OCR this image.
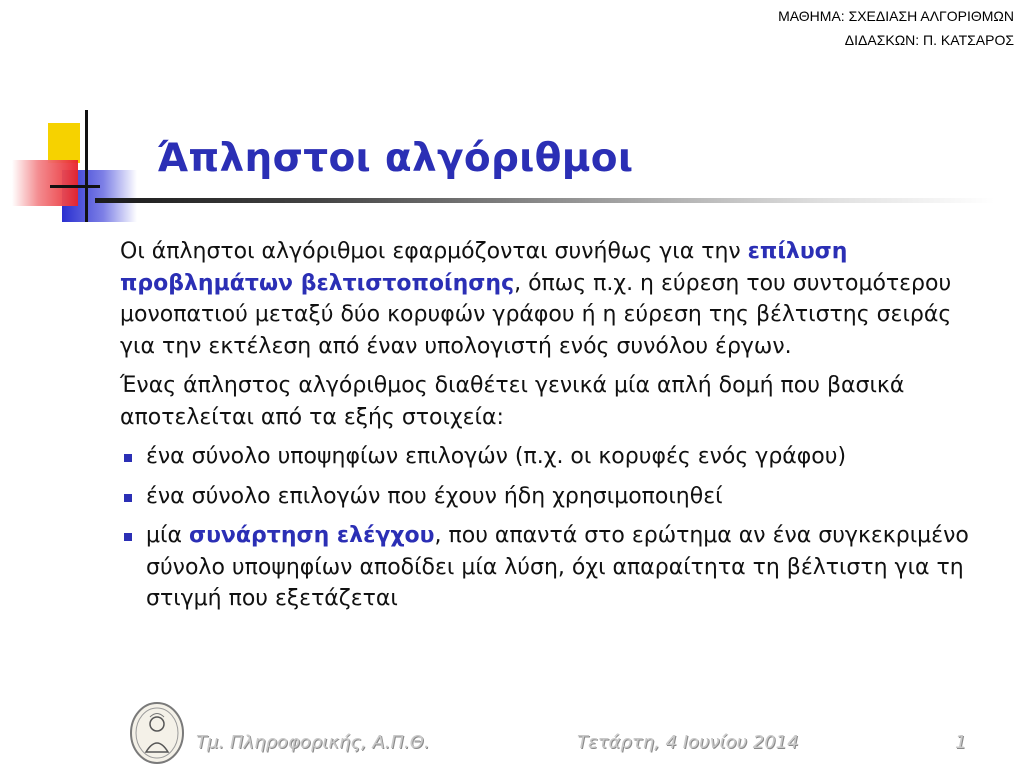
ΜΑΘΗΜΑ: ΣΧΕΔΙΑΣΗ ΑΛΓΟΡΙΘΜΩΝ
ΔΙΔΑΣΚΩΝ: Π. ΚΑΤΣΑΡΟΣ
Άπληστοι αλγόριθμοι

Οι άπληστοι αλγόριθμοι εφαρμόζονται συνήθως για την επίλυση προβλημάτων βελτιστοποίησης, όπως π.χ. η εύρεση του συντομότερου μονοπατιού μεταξύ δύο κορυφών γράφου ή η εύρεση της βέλτιστης σειράς για την εκτέλεση από έναν υπολογιστή ενός συνόλου έργων.

Ένας άπληστος αλγόριθμος διαθέτει γενικά μία απλή δομή που βασικά αποτελείται από τα εξής στοιχεία:

ένα σύνολο υποψηφίων επιλογών (π.χ. οι κορυφές ενός γράφου)
ένα σύνολο επιλογών που έχουν ήδη χρησιμοποιηθεί
μία συνάρτηση ελέγχου, που απαντά στο ερώτημα αν ένα συγκεκριμένο σύνολο υποψηφίων αποδίδει μία λύση, όχι απαραίτητα τη βέλτιστη για τη στιγμή που εξετάζεται
Τμ. Πληροφορικής, Α.Π.Θ.	Τετάρτη, 4 Ιουνίου 2014	1
